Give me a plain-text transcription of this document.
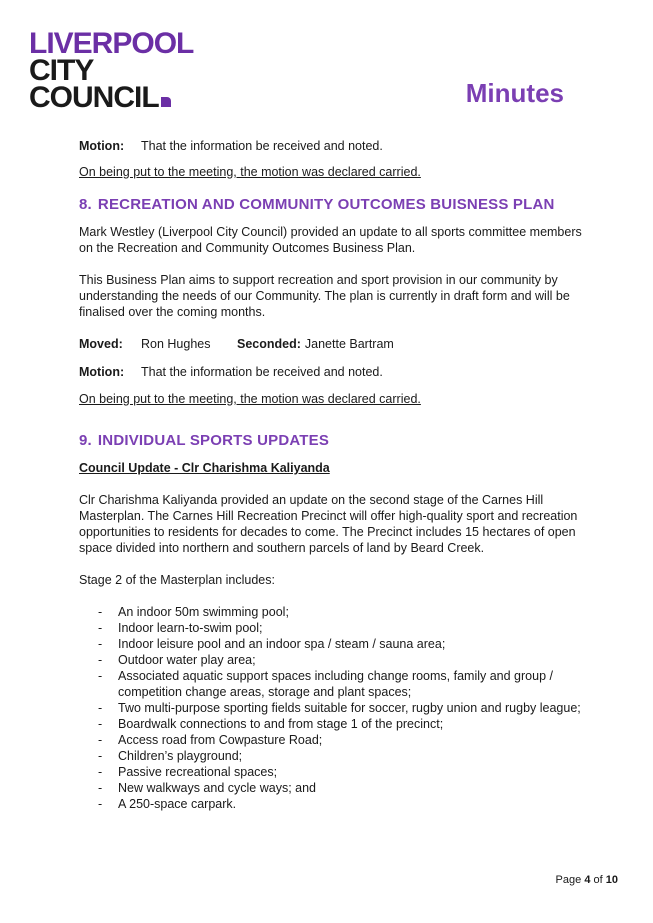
LIVERPOOL
CITY
COUNCIL	Minutes
Motion:	That the information be received and noted.

On being put to the meeting, the motion was declared carried.

8. RECREATION AND COMMUNITY OUTCOMES BUISNESS PLAN

Mark Westley (Liverpool City Council) provided an update to all sports committee members on the Recreation and Community Outcomes Business Plan.

This Business Plan aims to support recreation and sport provision in our community by understanding the needs of our Community. The plan is currently in draft form and will be finalised over the coming months.

Moved:	Ron Hughes	Seconded: Janette Bartram
Motion:	That the information be received and noted.

On being put to the meeting, the motion was declared carried.

9. INDIVIDUAL SPORTS UPDATES

Council Update - Clr Charishma Kaliyanda

Clr Charishma Kaliyanda provided an update on the second stage of the Carnes Hill Masterplan. The Carnes Hill Recreation Precinct will offer high-quality sport and recreation opportunities to residents for decades to come. The Precinct includes 15 hectares of open space divided into northern and southern parcels of land by Beard Creek.

Stage 2 of the Masterplan includes:

-	An indoor 50m swimming pool;
-	Indoor learn-to-swim pool;
-	Indoor leisure pool and an indoor spa / steam / sauna area;
-	Outdoor water play area;
-	Associated aquatic support spaces including change rooms, family and group / competition change areas, storage and plant spaces;
-	Two multi-purpose sporting fields suitable for soccer, rugby union and rugby league;
-	Boardwalk connections to and from stage 1 of the precinct;
-	Access road from Cowpasture Road;
-	Children’s playground;
-	Passive recreational spaces;
-	New walkways and cycle ways; and
-	A 250-space carpark.
Page 4 of 10
